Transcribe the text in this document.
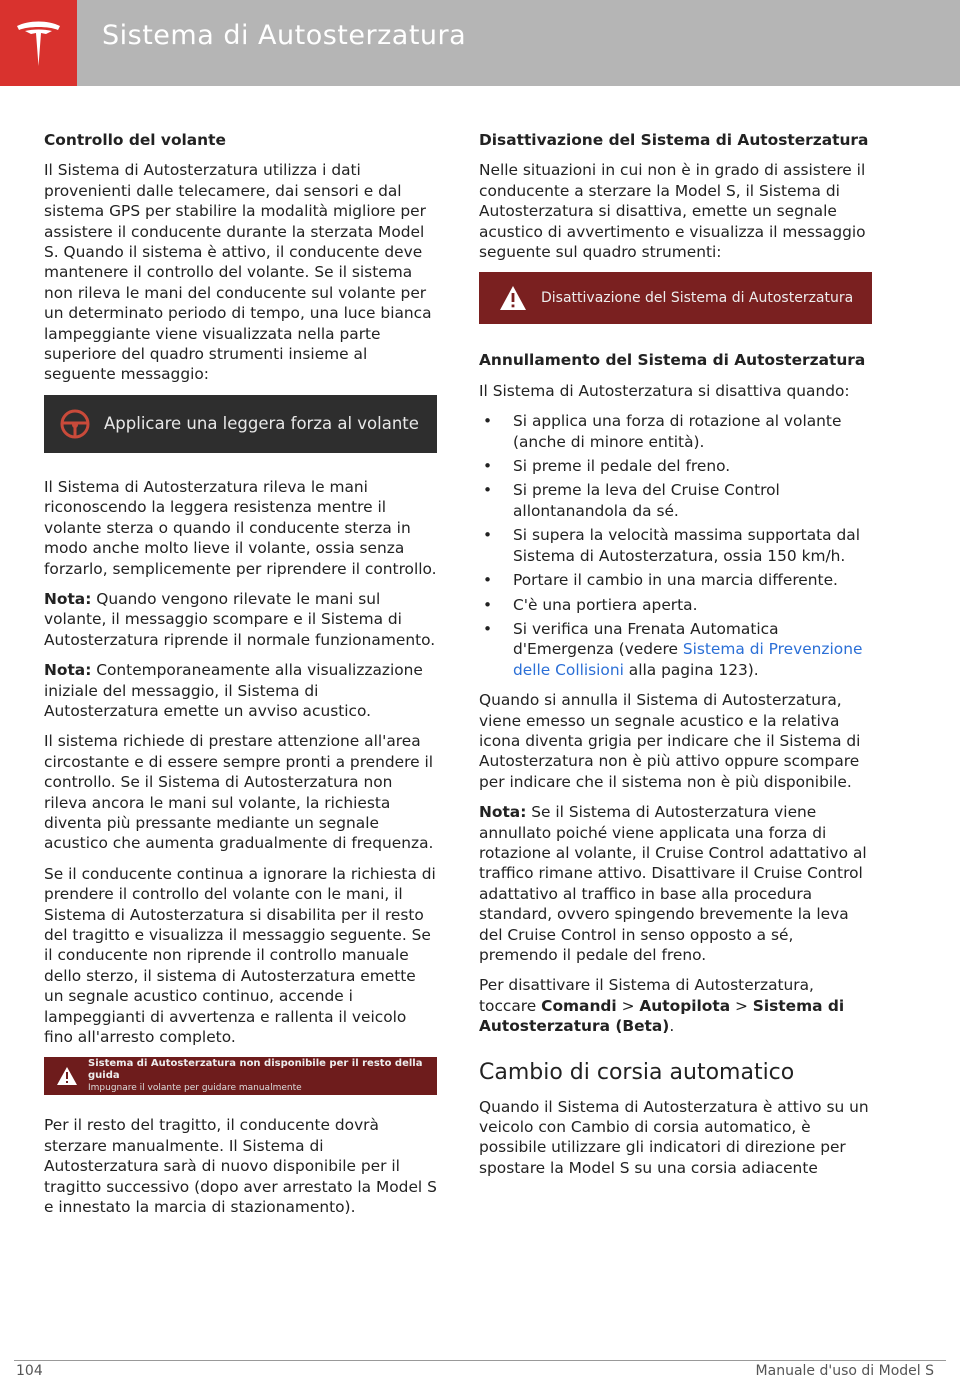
Sistema di Autosterzatura
Controllo del volante

Il Sistema di Autosterzatura utilizza i dati provenienti dalle telecamere, dai sensori e dal sistema GPS per stabilire la modalità migliore per assistere il conducente durante la sterzata Model S. Quando il sistema è attivo, il conducente deve mantenere il controllo del volante. Se il sistema non rileva le mani del conducente sul volante per un determinato periodo di tempo, una luce bianca lampeggiante viene visualizzata nella parte superiore del quadro strumenti insieme al seguente messaggio:

Applicare una leggera forza al volante

Il Sistema di Autosterzatura rileva le mani riconoscendo la leggera resistenza mentre il volante sterza o quando il conducente sterza in modo anche molto lieve il volante, ossia senza forzarlo, semplicemente per riprendere il controllo.

Nota: Quando vengono rilevate le mani sul volante, il messaggio scompare e il Sistema di Autosterzatura riprende il normale funzionamento.

Nota: Contemporaneamente alla visualizzazione iniziale del messaggio, il Sistema di Autosterzatura emette un avviso acustico.

Il sistema richiede di prestare attenzione all'area circostante e di essere sempre pronti a prendere il controllo. Se il Sistema di Autosterzatura non rileva ancora le mani sul volante, la richiesta diventa più pressante mediante un segnale acustico che aumenta gradualmente di frequenza.

Se il conducente continua a ignorare la richiesta di prendere il controllo del volante con le mani, il Sistema di Autosterzatura si disabilita per il resto del tragitto e visualizza il messaggio seguente. Se il conducente non riprende il controllo manuale dello sterzo, il sistema di Autosterzatura emette un segnale acustico continuo, accende i lampeggianti di avvertenza e rallenta il veicolo fino all'arresto completo.

Sistema di Autosterzatura non disponibile per il resto della guida
Impugnare il volante per guidare manualmente

Per il resto del tragitto, il conducente dovrà sterzare manualmente. Il Sistema di Autosterzatura sarà di nuovo disponibile per il tragitto successivo (dopo aver arrestato la Model S e innestato la marcia di stazionamento).

Disattivazione del Sistema di Autosterzatura

Nelle situazioni in cui non è in grado di assistere il conducente a sterzare la Model S, il Sistema di Autosterzatura si disattiva, emette un segnale acustico di avvertimento e visualizza il messaggio seguente sul quadro strumenti:

Disattivazione del Sistema di Autosterzatura
Annullamento del Sistema di Autosterzatura

Il Sistema di Autosterzatura si disattiva quando:

• Si applica una forza di rotazione al volante (anche di minore entità).
• Si preme il pedale del freno.
• Si preme la leva del Cruise Control allontanandola da sé.
• Si supera la velocità massima supportata dal Sistema di Autosterzatura, ossia 150 km/h.
• Portare il cambio in una marcia differente.
• C'è una portiera aperta.
• Si verifica una Frenata Automatica d'Emergenza (vedere Sistema di Prevenzione delle Collisioni alla pagina 123).

Quando si annulla il Sistema di Autosterzatura, viene emesso un segnale acustico e la relativa icona diventa grigia per indicare che il Sistema di Autosterzatura non è più attivo oppure scompare per indicare che il sistema non è più disponibile.

Nota: Se il Sistema di Autosterzatura viene annullato poiché viene applicata una forza di rotazione al volante, il Cruise Control adattativo al traffico rimane attivo. Disattivare il Cruise Control adattativo al traffico in base alla procedura standard, ovvero spingendo brevemente la leva del Cruise Control in senso opposto a sé, premendo il pedale del freno.

Per disattivare il Sistema di Autosterzatura, toccare Comandi > Autopilota > Sistema di Autosterzatura (Beta).

Cambio di corsia automatico

Quando il Sistema di Autosterzatura è attivo su un veicolo con Cambio di corsia automatico, è possibile utilizzare gli indicatori di direzione per spostare la Model S su una corsia adiacente

104	Manuale d'uso di Model S
